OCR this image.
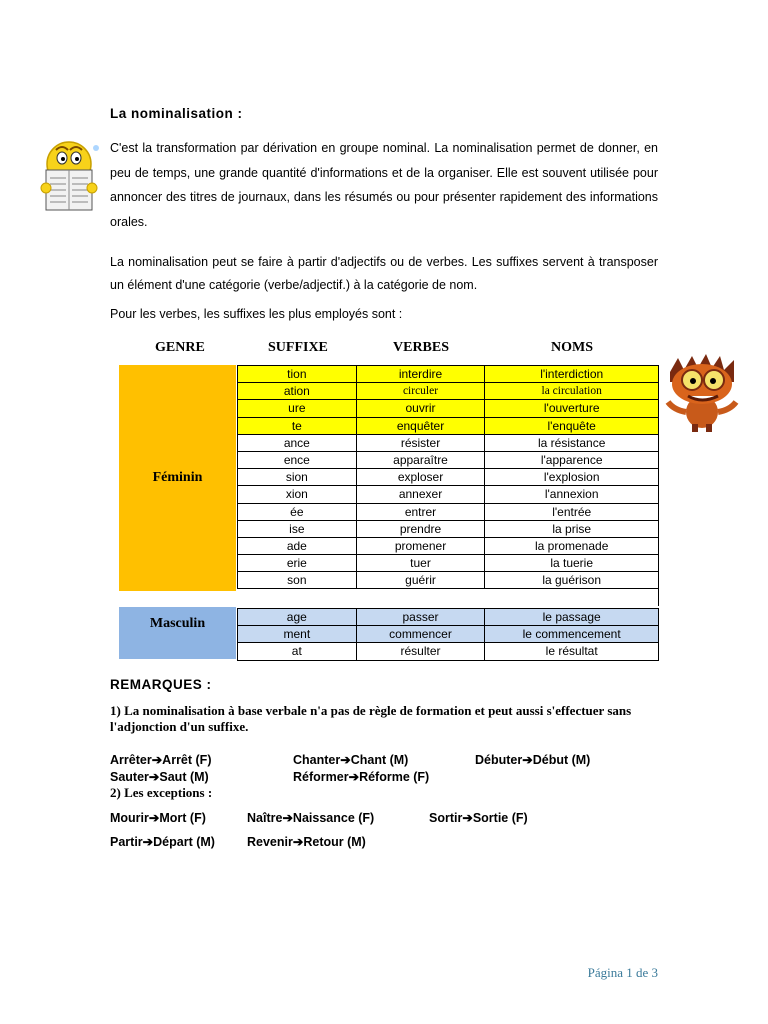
La nominalisation :
C'est la transformation par dérivation en groupe nominal. La nominalisation permet de donner, en peu de temps, une grande quantité d'informations et de la organiser. Elle est souvent utilisée pour annoncer des titres de journaux, dans les résumés ou pour présenter rapidement des informations orales.
La nominalisation peut se faire à partir d'adjectifs ou de verbes. Les suffixes servent à transposer un élément d'une catégorie (verbe/adjectif.) à la catégorie de nom.
Pour les verbes, les suffixes les plus employés sont :
GENRE	SUFFIXE	VERBES	NOMS
Féminin
tion	interdire	l'interdiction
ation	circuler	la circulation
ure	ouvrir	l'ouverture
te	enquêter	l'enquête
ance	résister	la résistance
ence	apparaître	l'apparence
sion	exploser	l'explosion
xion	annexer	l'annexion
ée	entrer	l'entrée
ise	prendre	la prise
ade	promener	la promenade
erie	tuer	la tuerie
son	guérir	la guérison

Masculin	age	passer	le passage
ment	commencer	le commencement
at	résulter	le résultat
REMARQUES :
1) La nominalisation à base verbale n'a pas de règle de formation et peut aussi s'effectuer sans l'adjonction d'un suffixe.
Arrêter➔Arrêt (F)	Chanter➔Chant (M)	Débuter➔Début (M)
Sauter➔Saut (M)	Réformer➔Réforme (F)
2) Les exceptions :
Mourir➔Mort (F)	Naître➔Naissance (F)	Sortir➔Sortie (F)
Partir➔Départ (M)	Revenir➔Retour (M)
Página 1 de 3
